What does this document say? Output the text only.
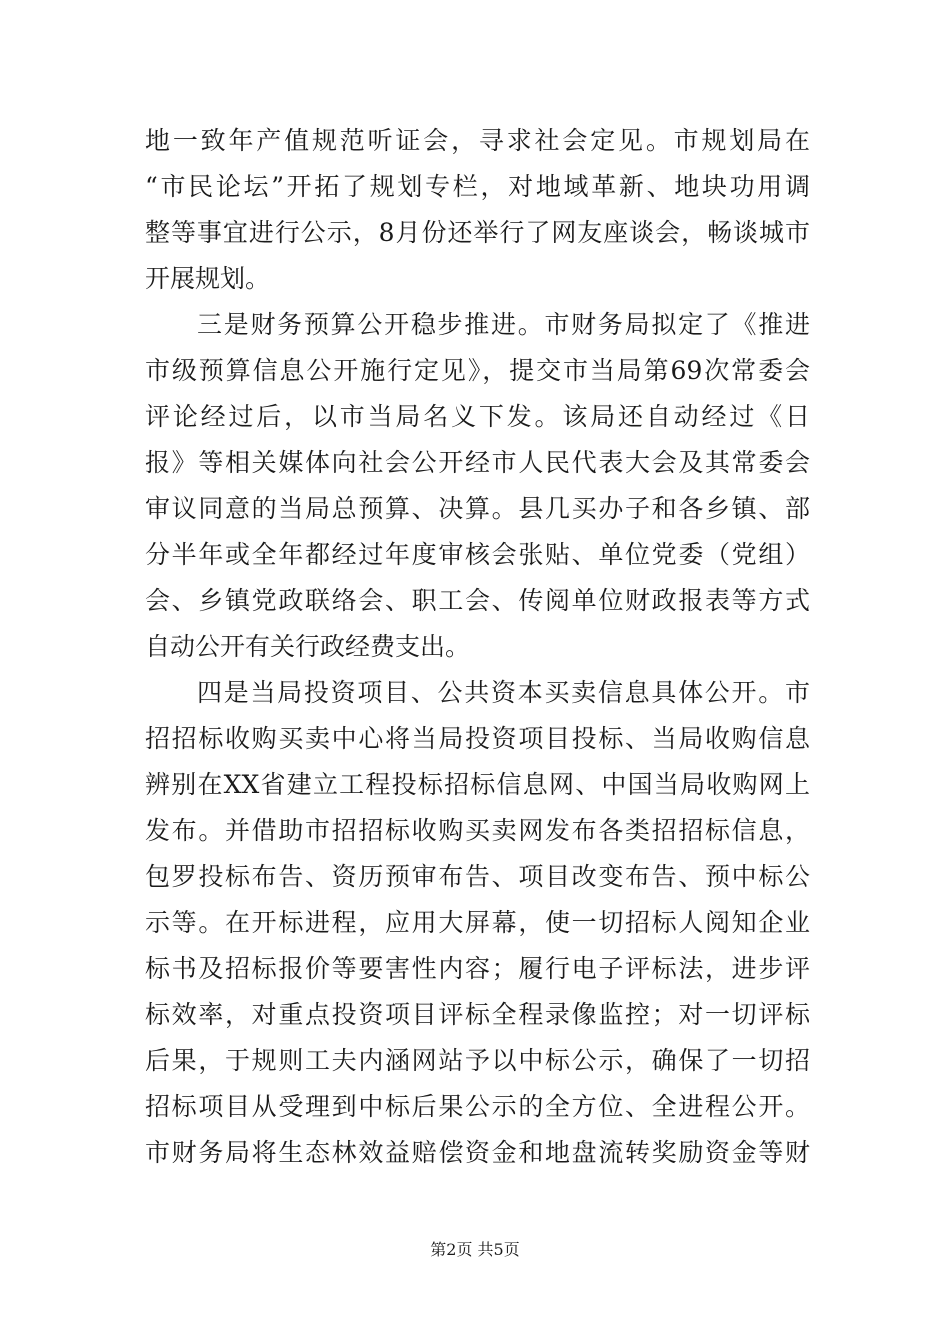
地一致年产值规范听证会，寻求社会定见。市规划局在
“市民论坛”开拓了规划专栏，对地域革新、地块功用调
整等事宜进行公示，8月份还举行了网友座谈会，畅谈城市
开展规划。
三是财务预算公开稳步推进。市财务局拟定了《推进
市级预算信息公开施行定见》，提交市当局第69次常委会
评论经过后，以市当局名义下发。该局还自动经过《日
报》等相关媒体向社会公开经市人民代表大会及其常委会
审议同意的当局总预算、决算。县几买办子和各乡镇、部
分半年或全年都经过年度审核会张贴、单位党委（党组）
会、乡镇党政联络会、职工会、传阅单位财政报表等方式
自动公开有关行政经费支出。
四是当局投资项目、公共资本买卖信息具体公开。市
招招标收购买卖中心将当局投资项目投标、当局收购信息
辨别在XX省建立工程投标招标信息网、中国当局收购网上
发布。并借助市招招标收购买卖网发布各类招招标信息，
包罗投标布告、资历预审布告、项目改变布告、预中标公
示等。在开标进程，应用大屏幕，使一切招标人阅知企业
标书及招标报价等要害性内容；履行电子评标法，进步评
标效率，对重点投资项目评标全程录像监控；对一切评标
后果，于规则工夫内涵网站予以中标公示，确保了一切招
招标项目从受理到中标后果公示的全方位、全进程公开。
市财务局将生态林效益赔偿资金和地盘流转奖励资金等财
第2页 共5页
